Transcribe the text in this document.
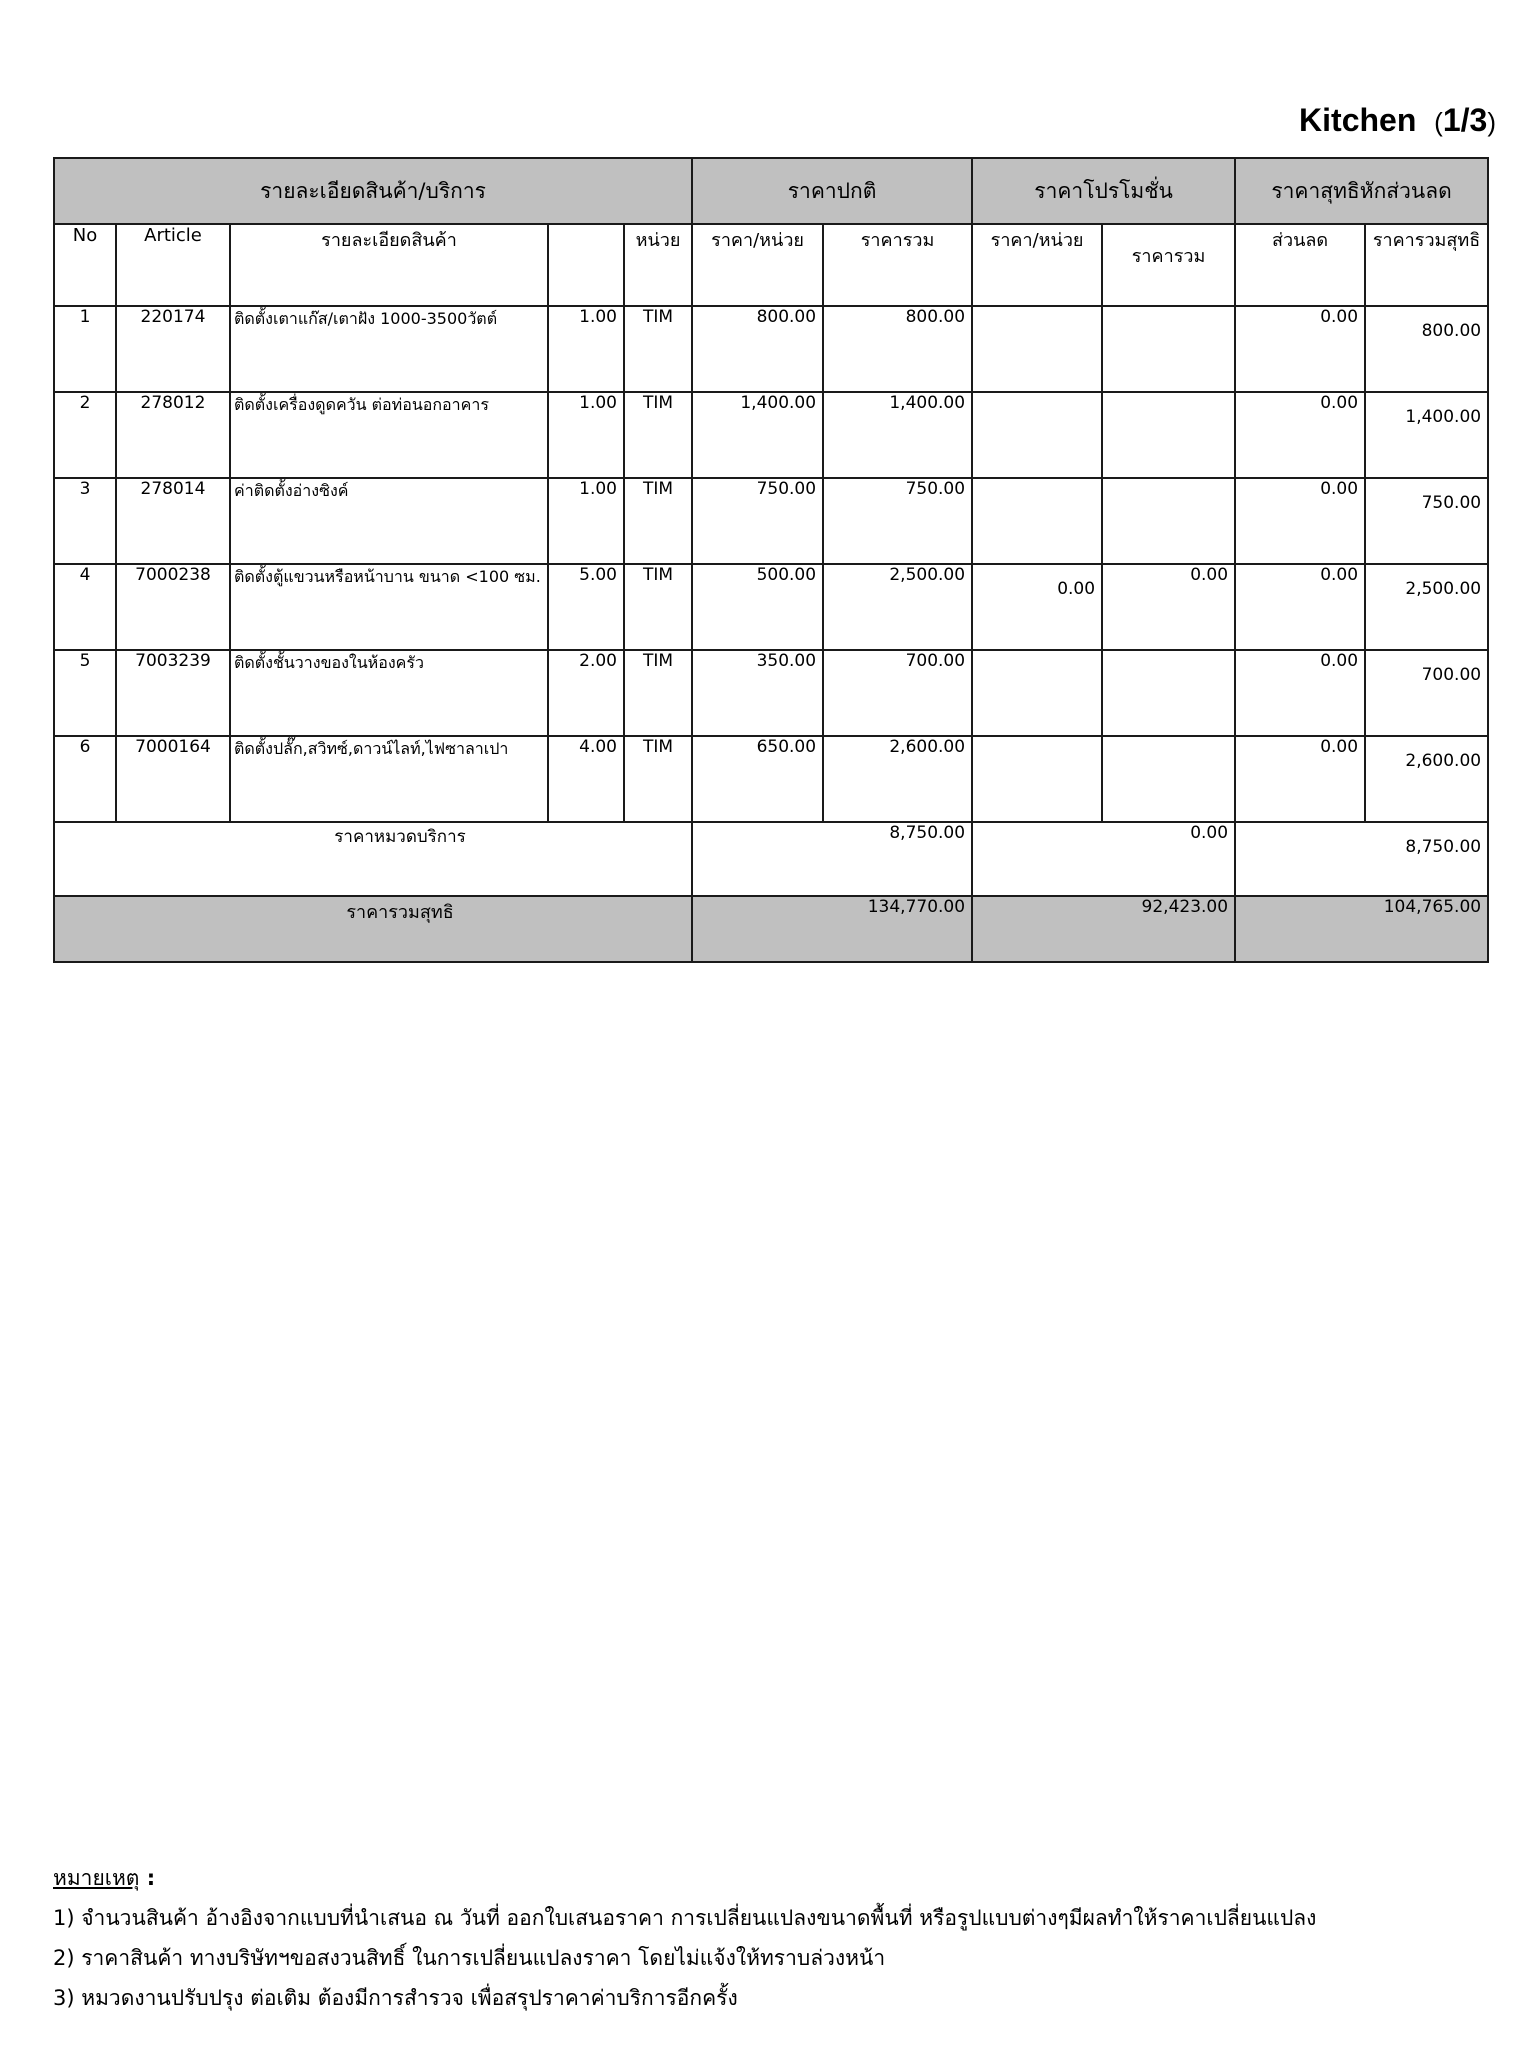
Kitchen (1/3)
รายละเอียดสินค้า/บริการ					ราคาปกติ		ราคาโปรโมชั่น		ราคาสุทธิหักส่วนลด	
No	Article	รายละเอียดสินค้า		หน่วย	ราคา/หน่วย	ราคารวม	ราคา/หน่วย	ราคารวม	ส่วนลด	ราคารวมสุทธิ
1	220174	ติดตั้งเตาแก๊ส/เตาฝัง 1000-3500วัตต์	1.00	TIM	800.00	800.00			0.00	800.00
2	278012	ติดตั้งเครื่องดูดควัน ต่อท่อนอกอาคาร	1.00	TIM	1,400.00	1,400.00			0.00	1,400.00
3	278014	ค่าติดตั้งอ่างซิงค์	1.00	TIM	750.00	750.00			0.00	750.00
4	7000238	ติดตั้งตู้แขวนหรือหน้าบาน ขนาด <100 ซม.	5.00	TIM	500.00	2,500.00	0.00	0.00	0.00	2,500.00
5	7003239	ติดตั้งชั้นวางของในห้องครัว	2.00	TIM	350.00	700.00			0.00	700.00
6	7000164	ติดตั้งปลั๊ก,สวิทซ์,ดาวน์ไลท์,ไฟซาลาเปา	4.00	TIM	650.00	2,600.00			0.00	2,600.00
ราคาหมวดบริการ					8,750.00		0.00		8,750.00	
ราคารวมสุทธิ					134,770.00		92,423.00		104,765.00	
หมายเหตุ :
1) จำนวนสินค้า อ้างอิงจากแบบที่นำเสนอ ณ วันที่ ออกใบเสนอราคา การเปลี่ยนแปลงขนาดพื้นที่ หรือรูปแบบต่างๆมีผลทำให้ราคาเปลี่ยนแปลง
2) ราคาสินค้า ทางบริษัทฯขอสงวนสิทธิ์ ในการเปลี่ยนแปลงราคา โดยไม่แจ้งให้ทราบล่วงหน้า
3) หมวดงานปรับปรุง ต่อเติม ต้องมีการสำรวจ เพื่อสรุปราคาค่าบริการอีกครั้ง
